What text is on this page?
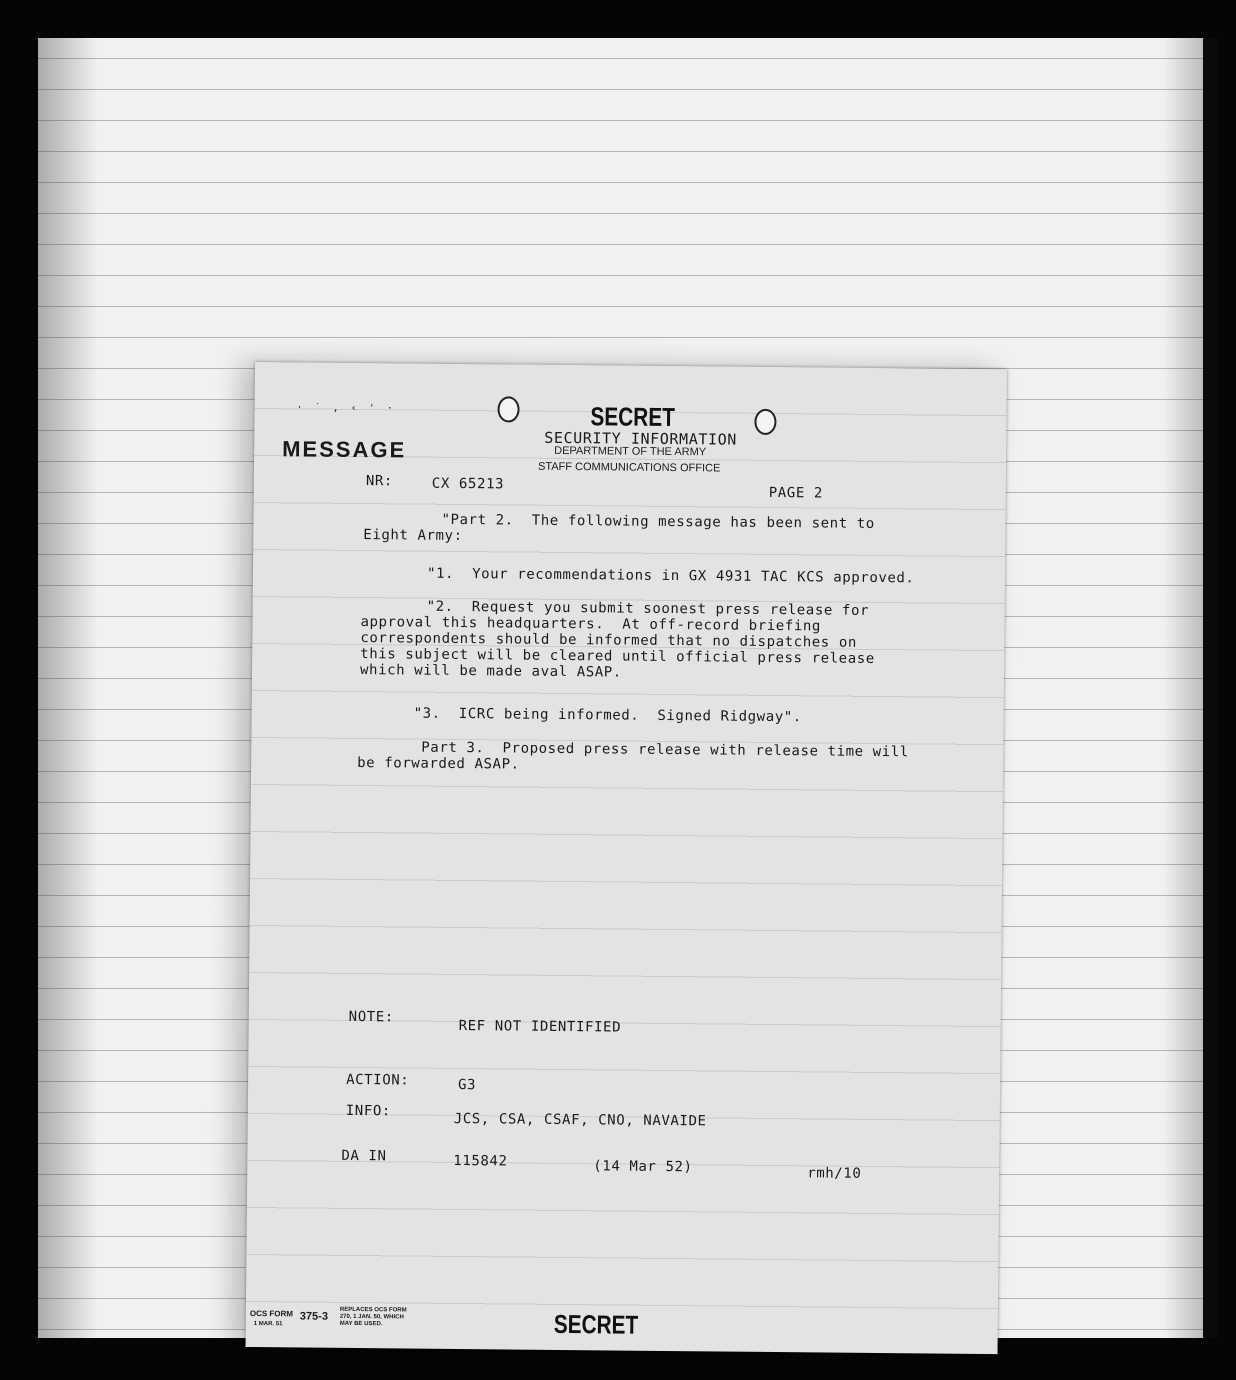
· ˙ ‚ ‹ ' ·	SECRET
SECURITY INFORMATION
DEPARTMENT OF THE ARMY
STAFF COMMUNICATIONS OFFICE
MESSAGE
NR:	CX 65213
PAGE 2
"Part 2.  The following message has been sent to
Eight Army:
"1.  Your recommendations in GX 4931 TAC KCS approved.
"2.  Request you submit soonest press release for
approval this headquarters.  At off-record briefing
correspondents should be informed that no dispatches on
this subject will be cleared until official press release
which will be made aval ASAP.
"3.  ICRC being informed.  Signed Ridgway".
Part 3.  Proposed press release with release time will
be forwarded ASAP.
NOTE:
REF NOT IDENTIFIED
ACTION:	G3
INFO:	JCS, CSA, CSAF, CNO, NAVAIDE
DA IN	115842	(14 Mar 52)	rmh/10
OCS FORM
1 MAR. 51
375-3
REPLACES OCS FORM
270, 1 JAN. 50, WHICH
MAY BE USED.	SECRET
